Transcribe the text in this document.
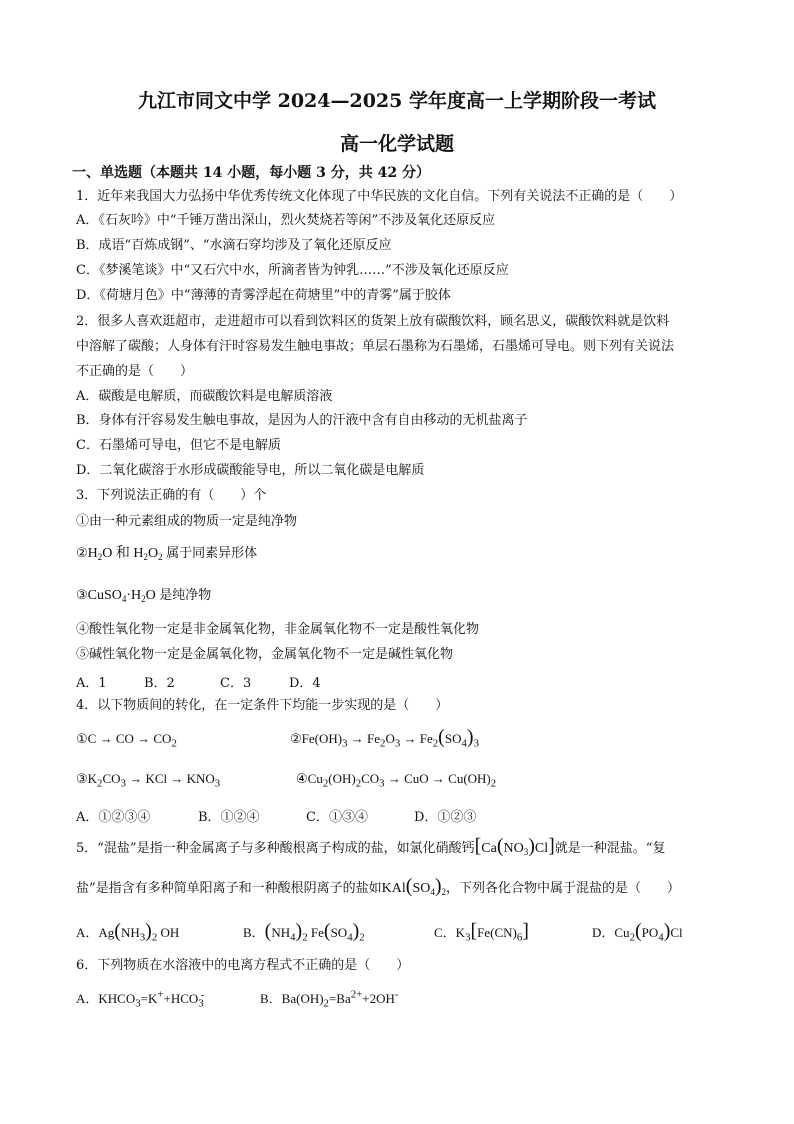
九江市同文中学 2024—2025 学年度高一上学期阶段一考试
高一化学试题
一、单选题（本题共 14 小题，每小题 3 分，共 42 分）
1．近年来我国大力弘扬中华优秀传统文化体现了中华民族的文化自信。下列有关说法不正确的是（　　）
A．《石灰吟》中“千锤万凿出深山，烈火焚烧若等闲”不涉及氧化还原反应
B．成语“百炼成钢”、“水滴石穿均涉及了氧化还原反应
C．《梦溪笔谈》中“又石穴中水，所滴者皆为钟乳……”不涉及氧化还原反应
D．《荷塘月色》中“薄薄的青雾浮起在荷塘里”中的青雾”属于胶体
2．很多人喜欢逛超市，走进超市可以看到饮料区的货架上放有碳酸饮料，顾名思义，碳酸饮料就是饮料
中溶解了碳酸；人身体有汗时容易发生触电事故；单层石墨称为石墨烯，石墨烯可导电。则下列有关说法
不正确的是（　　）
A．碳酸是电解质，而碳酸饮料是电解质溶液
B．身体有汗容易发生触电事故，是因为人的汗液中含有自由移动的无机盐离子
C．石墨烯可导电，但它不是电解质
D．二氧化碳溶于水形成碳酸能导电，所以二氧化碳是电解质
3．下列说法正确的有（　　）个
①由一种元素组成的物质一定是纯净物
$②H_2O$ 和 $H_2O_2$ 属于同素异形体
$③CuSO_4\cdot H_2O$ 是纯净物
④酸性氧化物一定是非金属氧化物，非金属氧化物不一定是酸性氧化物
⑤碱性氧化物一定是金属氧化物，金属氧化物不一定是碱性氧化物
A．1	B．2	C．3	D．4
4．以下物质间的转化，在一定条件下均能一步实现的是（　　）
①C → CO → $CO_2$	$②Fe(OH)_3 \to Fe_2O_3 \to Fe_2(SO_4)_3$
$③K_2CO_3$ → KCl → $KNO_3$	$④Cu_2(OH)_2CO_3$ → CuO → $Cu(OH)_2$
A．①②③④	B．①②④	C．①③④	D．①②③
5．“混盐”是指一种金属离子与多种酸根离子构成的盐，如氯化硝酸钙$[Ca(NO_3)Cl]$就是一种混盐。“复
盐”是指含有多种简单阳离子和一种酸根阴离子的盐如$KAl(SO_4)_2$，下列各化合物中属于混盐的是（　　）
A．$Ag(NH_3)_2$ OH	B．$(NH_4)_2$ $Fe(SO_4)_2$	C．$K_3[Fe(CN)_6]$	D．$Cu_2(PO_4)Cl$
6．下列物质在水溶液中的电离方程式不正确的是（　　）
A．$KHCO_3=K^++HCO_3^-$	B．$Ba(OH)_2=Ba^{2+}+2OH^-$
